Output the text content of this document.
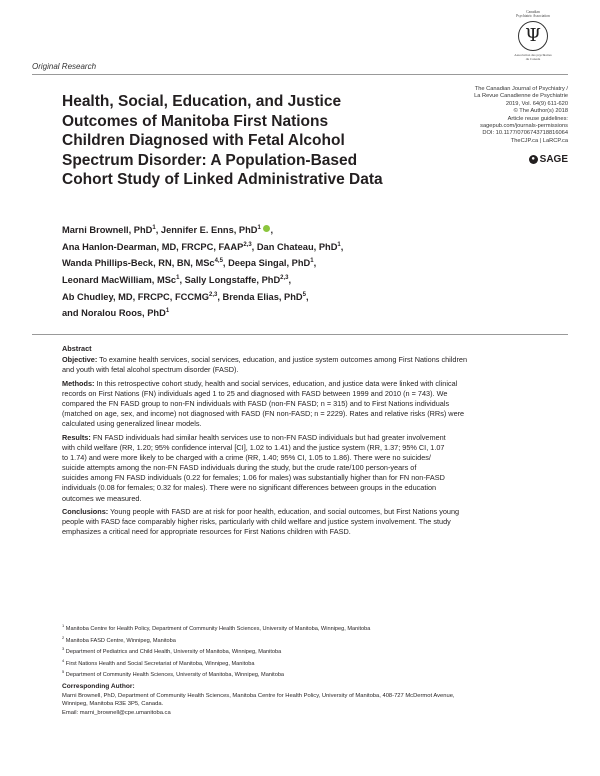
Canadian
Psychiatric Association
Ψ
Association des psychiatres
du Canada
Original Research
Health, Social, Education, and Justice
Outcomes of Manitoba First Nations
Children Diagnosed with Fetal Alcohol
Spectrum Disorder: A Population-Based
Cohort Study of Linked Administrative Data
The Canadian Journal of Psychiatry /
La Revue Canadienne de Psychiatrie
2019, Vol. 64(9) 611-620
© The Author(s) 2018
Article reuse guidelines:
sagepub.com/journals-permissions
DOI: 10.1177/0706743718816064
TheCJP.ca | LaRCP.ca
● SAGE
Marni Brownell, PhD$^1$, Jennifer E. Enns, PhD$^1$ ,
Ana Hanlon-Dearman, MD, FRCPC, FAAP$^{2,3}$, Dan Chateau, PhD$^1$,
Wanda Phillips-Beck, RN, BN, MSc$^{4,5}$, Deepa Singal, PhD$^1$,
Leonard MacWilliam, MSc$^1$, Sally Longstaffe, PhD$^{2,3}$,
Ab Chudley, MD, FRCPC, FCCMG$^{2,3}$, Brenda Elias, PhD$^5$,
and Noralou Roos, PhD$^1$
Abstract

Objective: To examine health services, social services, education, and justice system outcomes among First Nations children
and youth with fetal alcohol spectrum disorder (FASD).

Methods: In this retrospective cohort study, health and social services, education, and justice data were linked with clinical
records on First Nations (FN) individuals aged 1 to 25 and diagnosed with FASD between 1999 and 2010 (n = 743). We
compared the FN FASD group to non-FN individuals with FASD (non-FN FASD; n = 315) and to First Nations individuals
(matched on age, sex, and income) not diagnosed with FASD (FN non-FASD; n = 2229). Rates and relative risks (RRs) were
calculated using generalized linear models.

Results: FN FASD individuals had similar health services use to non-FN FASD individuals but had greater involvement
with child welfare (RR, 1.20; 95% confidence interval [CI], 1.02 to 1.41) and the justice system (RR, 1.37; 95% CI, 1.07
to 1.74) and were more likely to be charged with a crime (RR, 1.40; 95% CI, 1.05 to 1.86). There were no suicides/
suicide attempts among the non-FN FASD individuals during the study, but the crude rate/100 person-years of
suicides among FN FASD individuals (0.22 for females; 1.06 for males) was substantially higher than for FN non-FASD
individuals (0.08 for females; 0.32 for males). There were no significant differences between groups in the education
outcomes we measured.

Conclusions: Young people with FASD are at risk for poor health, education, and social outcomes, but First Nations young
people with FASD face comparably higher risks, particularly with child welfare and justice system involvement. The study
emphasizes a critical need for appropriate resources for First Nations children with FASD.

$^1$ Manitoba Centre for Health Policy, Department of Community Health Sciences, University of Manitoba, Winnipeg, Manitoba
$^2$ Manitoba FASD Centre, Winnipeg, Manitoba
$^3$ Department of Pediatrics and Child Health, University of Manitoba, Winnipeg, Manitoba
$^4$ First Nations Health and Social Secretariat of Manitoba, Winnipeg, Manitoba
$^5$ Department of Community Health Sciences, University of Manitoba, Winnipeg, Manitoba
Corresponding Author:
Marni Brownell, PhD, Department of Community Health Sciences, Manitoba Centre for Health Policy, University of Manitoba, 408-727 McDermot Avenue,
Winnipeg, Manitoba R3E 3P5, Canada.
Email: marni_brownell@cpe.umanitoba.ca
